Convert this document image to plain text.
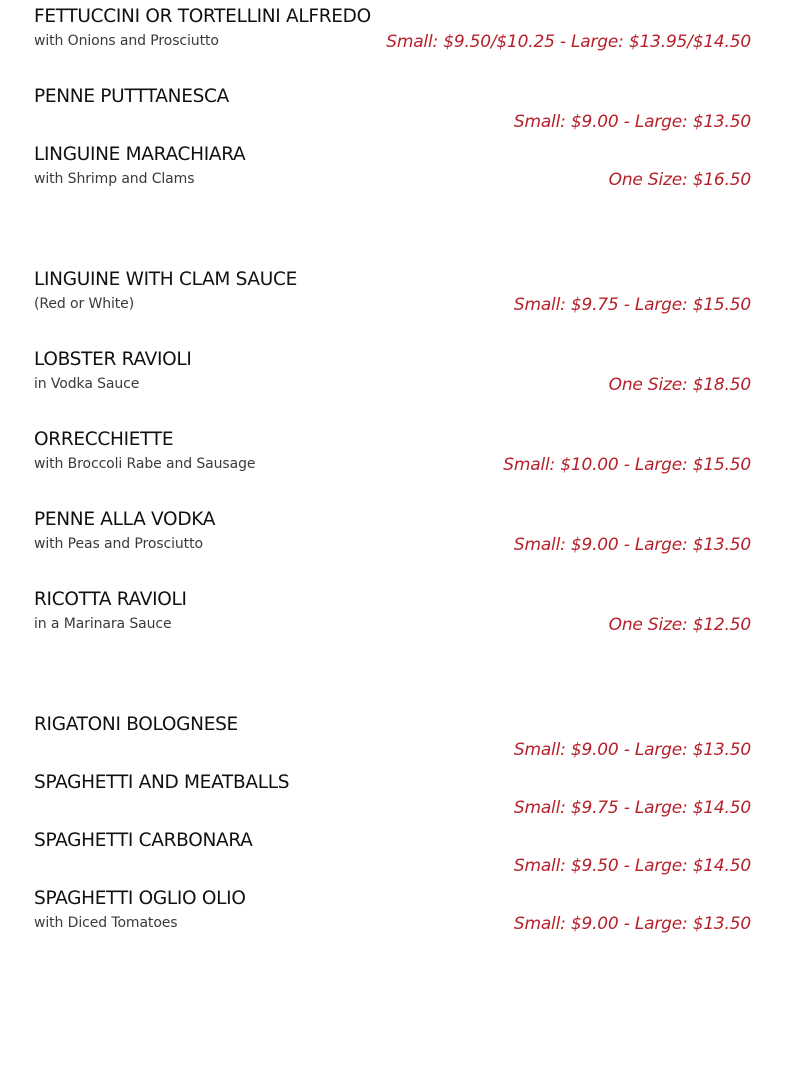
FETTUCCINI OR TORTELLINI ALFREDO
with Onions and Prosciutto	Small: $9.50/$10.25 - Large: $13.95/$14.50
PENNE PUTTTANESCA
Small: $9.00 - Large: $13.50
LINGUINE MARACHIARA
with Shrimp and Clams	One Size: $16.50
LINGUINE WITH CLAM SAUCE
(Red or White)	Small: $9.75 - Large: $15.50
LOBSTER RAVIOLI
in Vodka Sauce	One Size: $18.50
ORRECCHIETTE
with Broccoli Rabe and Sausage	Small: $10.00 - Large: $15.50
PENNE ALLA VODKA
with Peas and Prosciutto	Small: $9.00 - Large: $13.50
RICOTTA RAVIOLI
in a Marinara Sauce	One Size: $12.50
RIGATONI BOLOGNESE
Small: $9.00 - Large: $13.50
SPAGHETTI AND MEATBALLS
Small: $9.75 - Large: $14.50
SPAGHETTI CARBONARA
Small: $9.50 - Large: $14.50
SPAGHETTI OGLIO OLIO
with Diced Tomatoes	Small: $9.00 - Large: $13.50
